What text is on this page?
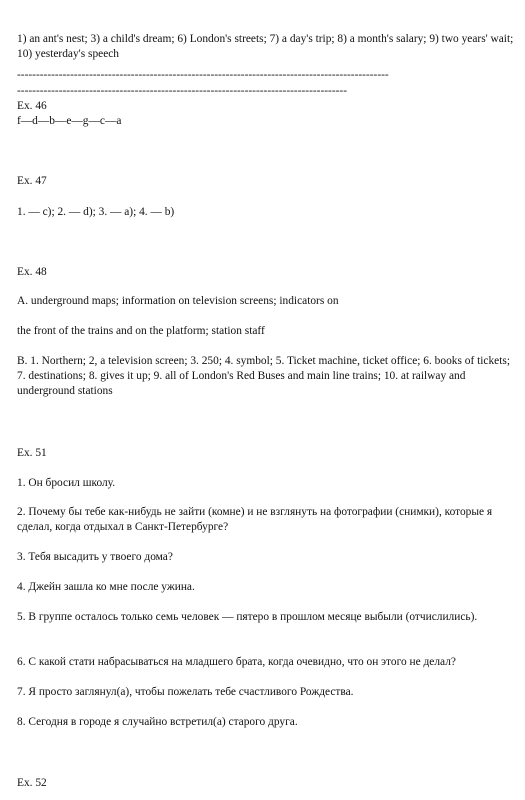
1) an ant's nest; 3) a child's dream; 6) London's streets; 7) a day's trip; 8) a month's salary; 9) two years' wait; 10) yesterday's speech

--------------------------------------------------------------------------------------------------

---------------------------------------------------------------------------------------

Ex. 46

f—d—b—e—g—c—a

Ex. 47

1. — c); 2. — d); 3. — a); 4. — b)

Ex. 48

A. underground maps; information on television screens; indicators on

the front of the trains and on the platform; station staff

B. 1. Northern; 2, a television screen; 3. 250; 4. symbol; 5. Ticket machine, ticket office; 6. books of tickets; 7. destinations; 8. gives it up; 9. all of London's Red Buses and main line trains; 10. at railway and underground stations

Ex. 51

1. Он бросил школу.

2. Почему бы тебе как-нибудь не зайти (комне) и не взглянуть на фотографии (снимки), которые я сделал, когда отдыхал в Санкт-Петербурге?

3. Тебя высадить у твоего дома?

4. Джейн зашла ко мне после ужина.

5. В группе осталось только семь человек — пятеро в прошлом месяце выбыли (отчислились).

6. С какой стати набрасываться на младшего брата, когда очевидно, что он этого не делал?

7. Я просто заглянул(а), чтобы пожелать тебе счастливого Рождества.

8. Сегодня в городе я случайно встретил(а) старого друга.

Ex. 52
